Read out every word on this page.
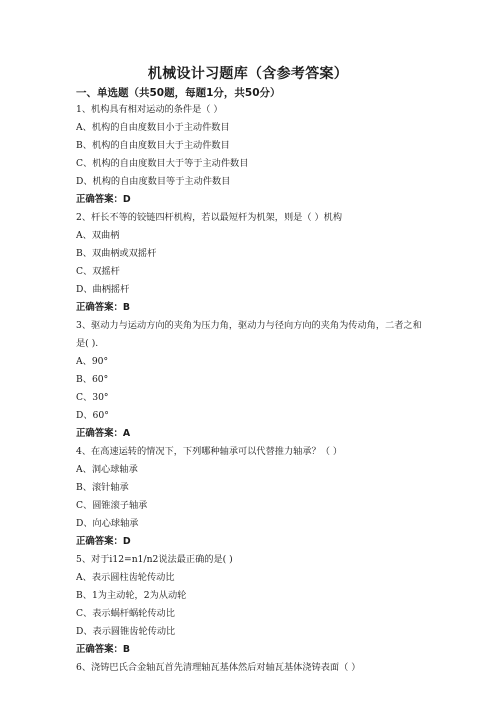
机械设计习题库（含参考答案）
一、单选题（共50题，每题1分，共50分）
1、机构具有相对运动的条件是（ ）
A、机构的自由度数目小于主动件数目
B、机构的自由度数目大于主动件数目
C、机构的自由度数目大于等于主动件数目
D、机构的自由度数目等于主动件数目
正确答案：D
2、杆长不等的铰链四杆机构，若以最短杆为机架，则是（ ）机构
A、双曲柄
B、双曲柄或双摇杆
C、双摇杆
D、曲柄摇杆
正确答案：B
3、驱动力与运动方向的夹角为压力角，驱动力与径向方向的夹角为传动角，二者之和是( ).
A、90°
B、60°
C、30°
D、60°
正确答案：A
4、在高速运转的情况下，下列哪种轴承可以代替推力轴承？（ ）
A、洞心球轴承
B、滚针轴承
C、圆锥滚子轴承
D、向心球轴承
正确答案：D
5、对于i12=n1/n2说法最正确的是( )
A、表示圆柱齿轮传动比
B、1为主动轮，2为从动轮
C、表示蜗杆蜗轮传动比
D、表示圆锥齿轮传动比
正确答案：B
6、浇铸巴氏合金轴瓦首先清理轴瓦基体然后对轴瓦基体浇铸表面（ ）
